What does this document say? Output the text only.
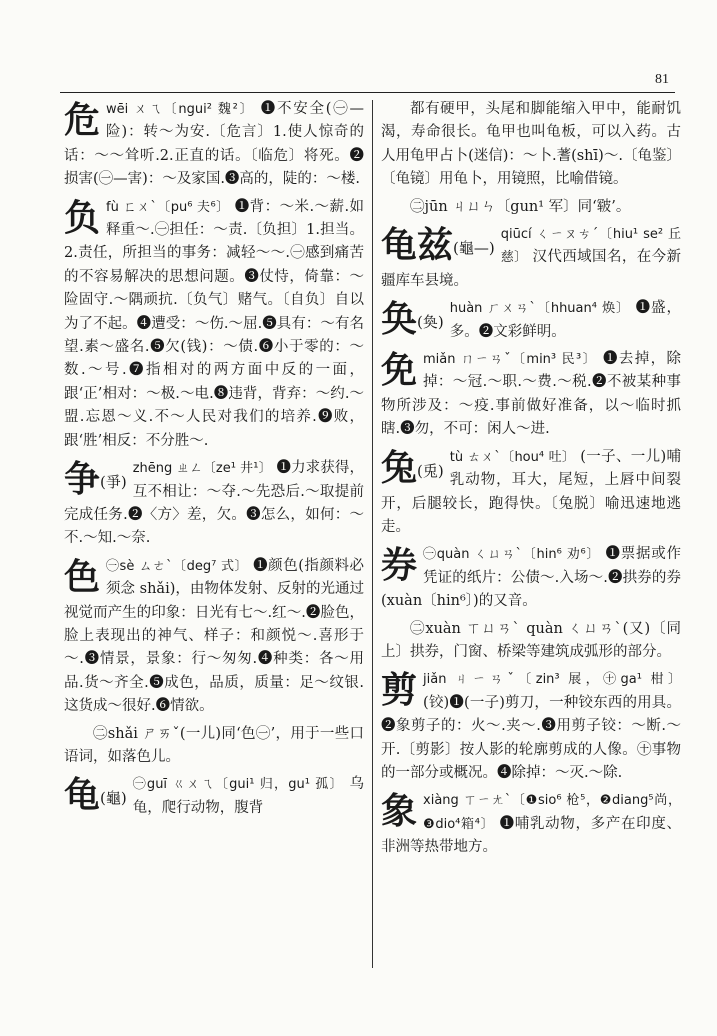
81

危wēi ㄨㄟ〔ngui² 魏²〕 ❶不安全(㊀—险)：转～为安.〔危言〕1.使人惊奇的话：～～耸听.2.正直的话。〔临危〕将死。❷损害(㊀—害)：～及家国.❸高的，陡的：～楼.

负fù ㄈㄨˋ〔pu⁶ 夫⁶〕 ❶背：～米.～薪.如释重～.㊀担任：～责.〔负担〕1.担当。2.责任，所担当的事务：减轻～～.㊀感到痛苦的不容易解决的思想问题。❸仗恃，倚靠：～险固守.～隅顽抗.〔负气〕赌气。〔自负〕自以为了不起。❹遭受：～伤.～屈.❺具有：～有名望.素～盛名.❺欠(钱)：～债.❻小于零的：～数.～号.❼指相对的两方面中反的一面，跟‘正’相对：～极.～电.❽违背，背弃：～约.～盟.忘恩～义.不～人民对我们的培养.❾败，跟‘胜’相反：不分胜～.

争(爭)
zhēng ㄓㄥ〔ze¹ 井¹〕 ❶力求获得，互不相让：～夺.～先恐后.～取提前完成任务.❷〈方〉差，欠。❸怎么，如何：～不.～知.～奈.

色 ㊀sè ㄙㄜˋ〔deg⁷ 式〕 ❶颜色(指颜料必须念 shǎi)，由物体发射、反射的光通过视觉而产生的印象：日光有七～.红～.❷脸色，脸上表现出的神气、样子：和颜悦～.喜形于～.❸情景，景象：行～匆匆.❹种类：各～用品.货～齐全.❺成色，品质，质量：足～纹银.这货成～很好.❻情欲。

㊁shǎi ㄕㄞˇ(一儿)同‘色㊀’，用于一些口语词，如落色儿。

龟(龜)
㊀guī ㄍㄨㄟ〔gui¹ 归，gu¹ 孤〕 乌龟，爬行动物，腹背

都有硬甲，头尾和脚能缩入甲中，能耐饥渴，寿命很长。龟甲也叫龟板，可以入药。古人用龟甲占卜(迷信)：～卜.蓍(shī)～.〔龟鉴〕〔龟镜〕用龟卜，用镜照，比喻借镜。

㊁jūn ㄐㄩㄣ〔gun¹ 军〕同‘皲’。

龟兹(龜—)
qiūcí ㄑㄧㄡㄘˊ〔hiu¹ se² 丘慈〕 汉代西域国名，在今新疆库车县境。

奂(奐)
huàn ㄏㄨㄢˋ〔hhuan⁴ 焕〕 ❶盛，多。❷文彩鲜明。

免miǎn ㄇㄧㄢˇ〔min³ 民³〕 ❶去掉，除掉：～冠.～职.～费.～税.❷不被某种事物所涉及：～疫.事前做好准备，以～临时抓瞎.❸勿，不可：闲人～进.

兔(兎)
tù ㄊㄨˋ〔hou⁴ 吐〕 (一子、一儿)哺乳动物，耳大，尾短，上唇中间裂开，后腿较长，跑得快。〔兔脱〕喻迅速地逃走。

券 ㊀quàn ㄑㄩㄢˋ〔hin⁶ 劝⁶〕 ❶票据或作凭证的纸片：公债～.入场～.❷拱券的券(xuàn〔hin⁶〕)的又音。

㊁xuàn ㄒㄩㄢˋ quàn ㄑㄩㄢˋ(又)〔同上〕拱券，门窗、桥梁等建筑成弧形的部分。

剪jiǎn ㄐㄧㄢˇ〔zin³ 展，㊉ga¹ 柑〕 (铰)❶(一子)剪刀，一种铰东西的用具。❷象剪子的：火～.夹～.❸用剪子铰：～断.～开.〔剪影〕按人影的轮廓剪成的人像。㊉事物的一部分或概况。❹除掉：～灭.～除.

象xiàng ㄒㄧㄤˋ〔❶sio⁶ 枪⁵，❷diang⁵尚，❸dio⁴箱⁴〕 ❶哺乳动物，多产在印度、非洲等热带地方。
